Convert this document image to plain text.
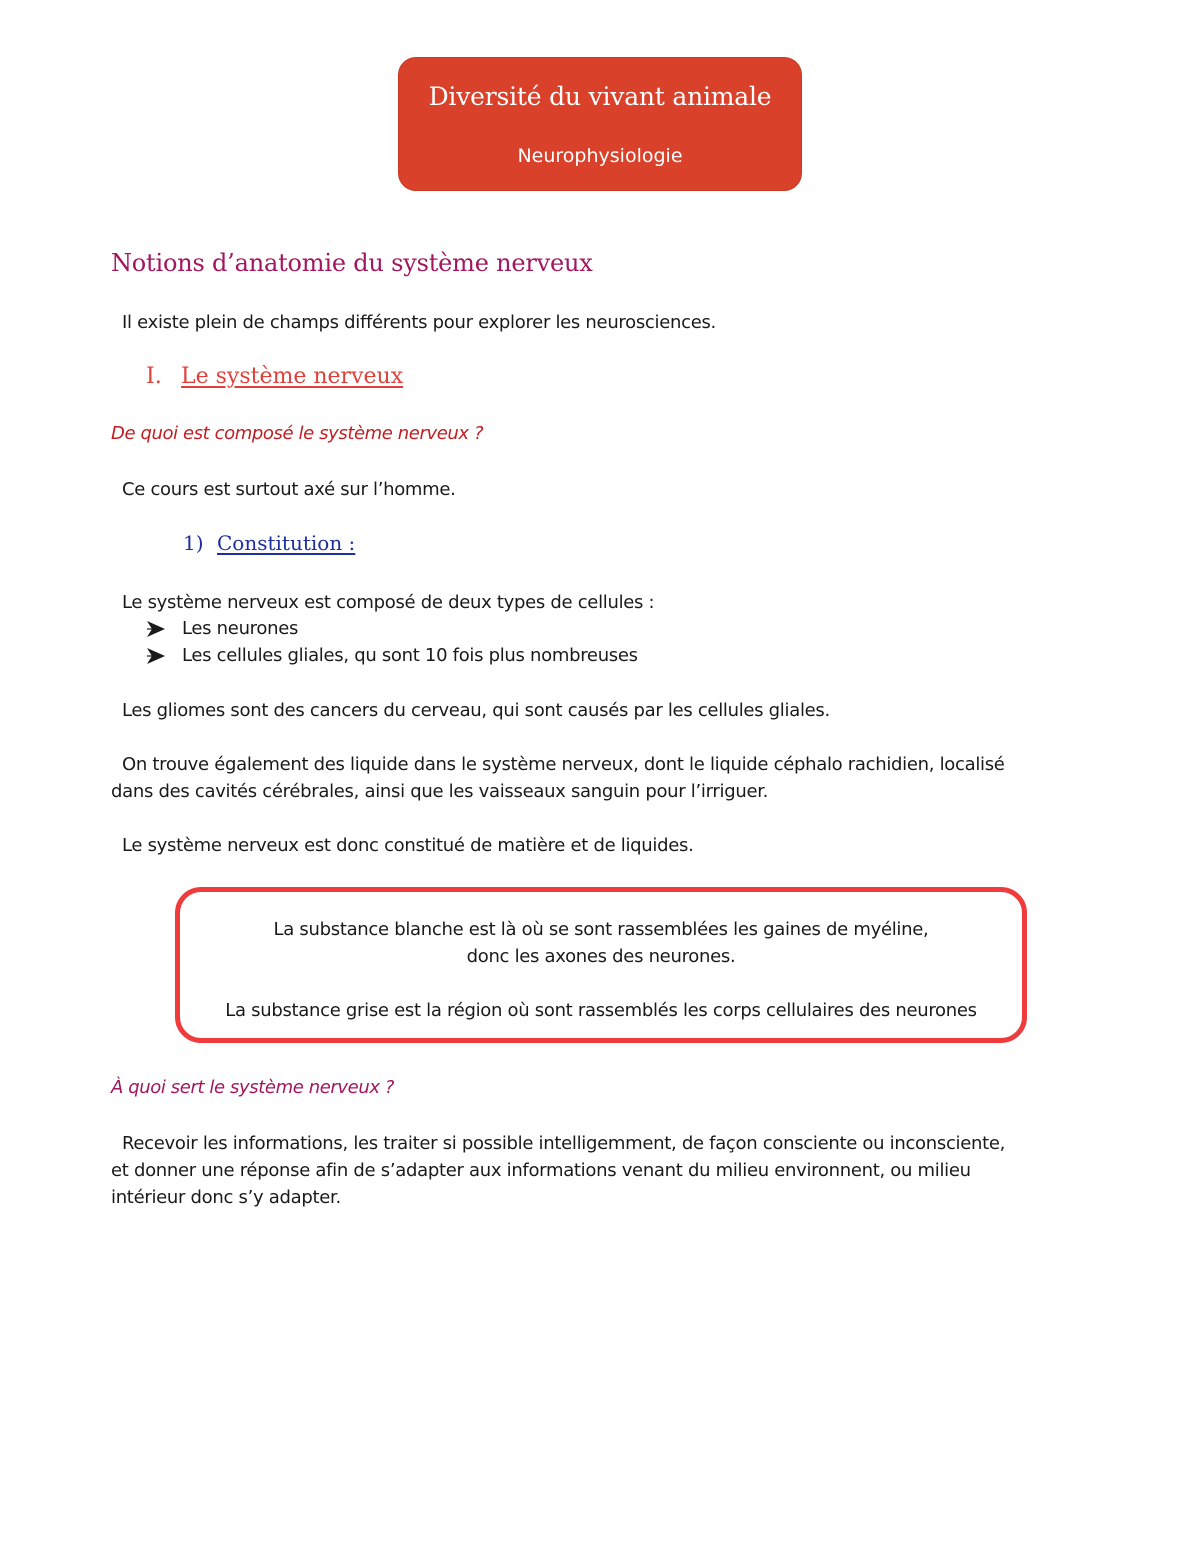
Diversité du vivant animale
Neurophysiologie
Notions d’anatomie du système nerveux
Il existe plein de champs différents pour explorer les neurosciences.
I. Le système nerveux
De quoi est composé le système nerveux ?
Ce cours est surtout axé sur l’homme.
1) Constitution :
Le système nerveux est composé de deux types de cellules :
Les neurones
Les cellules gliales, qu sont 10 fois plus nombreuses
Les gliomes sont des cancers du cerveau, qui sont causés par les cellules gliales.
On trouve également des liquide dans le système nerveux, dont le liquide céphalo rachidien, localisé
dans des cavités cérébrales, ainsi que les vaisseaux sanguin pour l’irriguer.
Le système nerveux est donc constitué de matière et de liquides.
La substance blanche est là où se sont rassemblées les gaines de myéline,
donc les axones des neurones.
La substance grise est la région où sont rassemblés les corps cellulaires des neurones
À quoi sert le système nerveux ?
Recevoir les informations, les traiter si possible intelligemment, de façon consciente ou inconsciente,
et donner une réponse afin de s’adapter aux informations venant du milieu environnent, ou milieu
intérieur donc s’y adapter.
